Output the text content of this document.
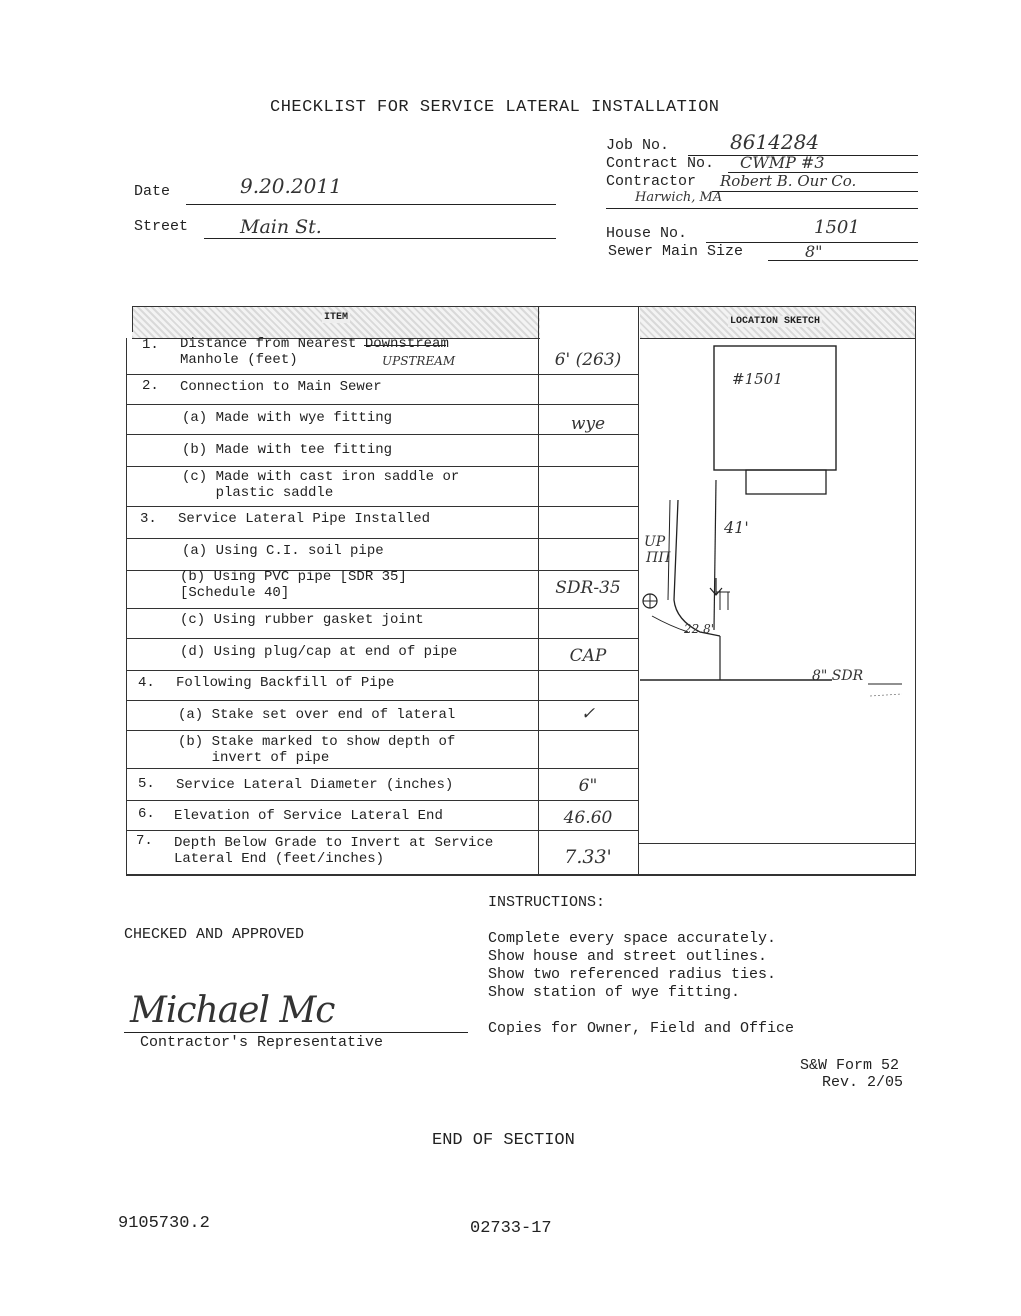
CHECKLIST FOR SERVICE LATERAL INSTALLATION
Date	9.20.2011
Street	Main St.
Job No.	8614284
Contract No. CWMP #3
Contractor Robert B. Our Co.
Harwich, MA
House No.	1501
Sewer Main Size	8"
ITEM	LOCATION SKETCH
1. Distance from Nearest Downstream
Manhole (feet)	UPSTREAM	6' (263)
2. Connection to Main Sewer
(a) Made with wye fitting	wye
(b) Made with tee fitting
(c) Made with cast iron saddle or
plastic saddle
3. Service Lateral Pipe Installed
(a) Using C.I. soil pipe
(b) Using PVC pipe [SDR 35]
[Schedule 40]	SDR-35
(c) Using rubber gasket joint
(d) Using plug/cap at end of pipe	CAP
4. Following Backfill of Pipe
(a) Stake set over end of lateral	✓
(b) Stake marked to show depth of
invert of pipe
5. Service Lateral Diameter (inches)	6"
6. Elevation of Service Lateral End	46.60
7. Depth Below Grade to Invert at Service
Lateral End (feet/inches)	7.33'
#1501
UP
ΠΠ
41'
22.8'
8" SDR
INSTRUCTIONS:
Complete every space accurately.
Show house and street outlines.
Show two referenced radius ties.
Show station of wye fitting.
Copies for Owner, Field and Office
CHECKED AND APPROVED
Michael Mc
Contractor's Representative
S&W Form 52
Rev. 2/05
END OF SECTION
9105730.2	02733-17
